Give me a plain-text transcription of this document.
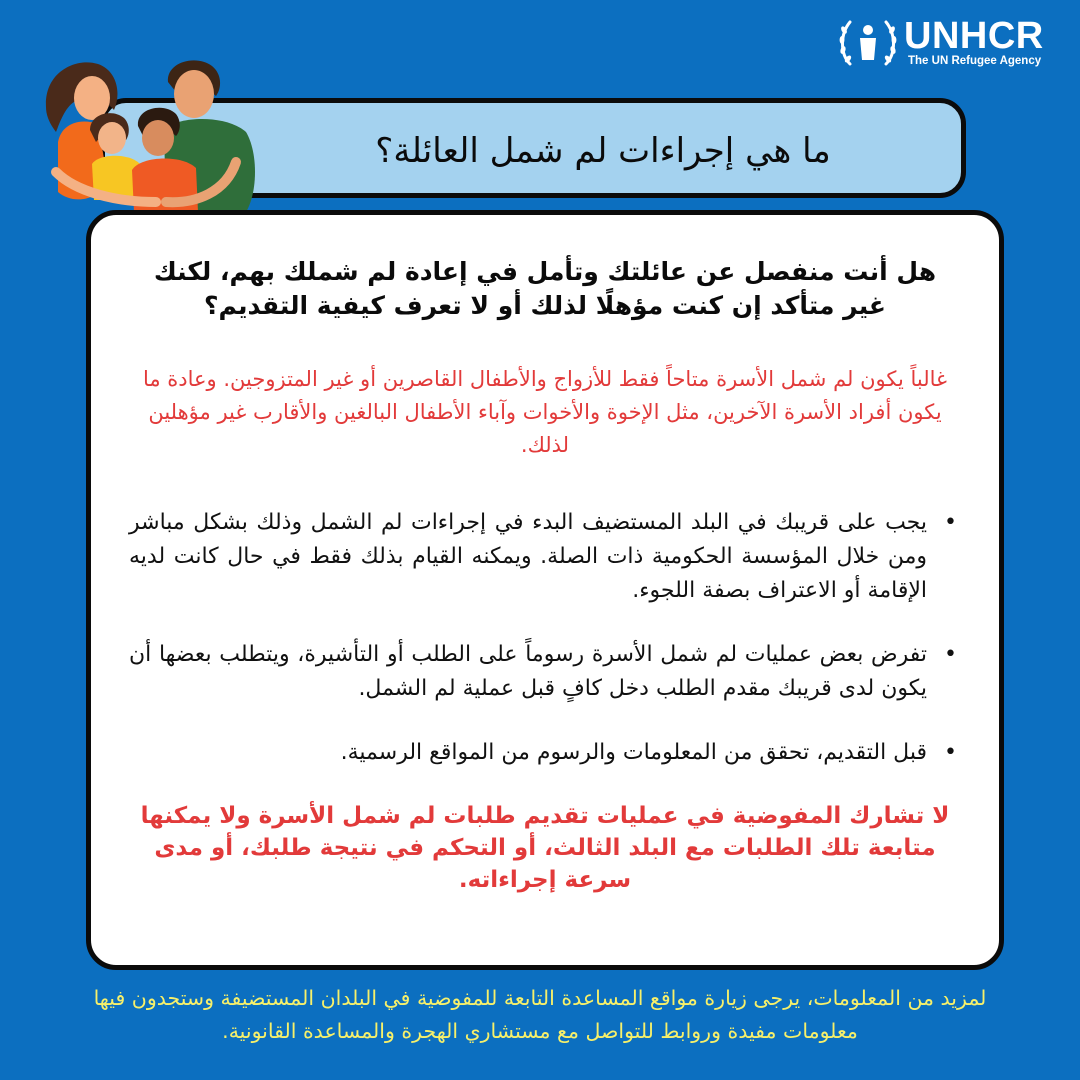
UNHCR
The UN Refugee Agency
ما هي إجراءات لم شمل العائلة؟

هل أنت منفصل عن عائلتك وتأمل في إعادة لم شملك بهم، لكنك غير متأكد إن كنت مؤهلًا لذلك أو لا تعرف كيفية التقديم؟

غالباً يكون لم شمل الأسرة متاحاً فقط للأزواج والأطفال القاصرين أو غير المتزوجين. وعادة ما يكون أفراد الأسرة الآخرين، مثل الإخوة والأخوات وآباء الأطفال البالغين والأقارب غير مؤهلين لذلك.

•
يجب على قريبك في البلد المستضيف البدء في إجراءات لم الشمل وذلك بشكل مباشر ومن خلال المؤسسة الحكومية ذات الصلة. ويمكنه القيام بذلك فقط في حال كانت لديه الإقامة أو الاعتراف بصفة اللجوء.
•
تفرض بعض عمليات لم شمل الأسرة رسوماً على الطلب أو التأشيرة، ويتطلب بعضها أن يكون لدى قريبك مقدم الطلب دخل كافٍ قبل عملية لم الشمل.
•
قبل التقديم، تحقق من المعلومات والرسوم من المواقع الرسمية.

لا تشارك المفوضية في عمليات تقديم طلبات لم شمل الأسرة ولا يمكنها متابعة تلك الطلبات مع البلد الثالث، أو التحكم في نتيجة طلبك، أو مدى سرعة إجراءاته.

لمزيد من المعلومات، يرجى زيارة مواقع المساعدة التابعة للمفوضية في البلدان المستضيفة وستجدون فيها معلومات مفيدة وروابط للتواصل مع مستشاري الهجرة والمساعدة القانونية.
